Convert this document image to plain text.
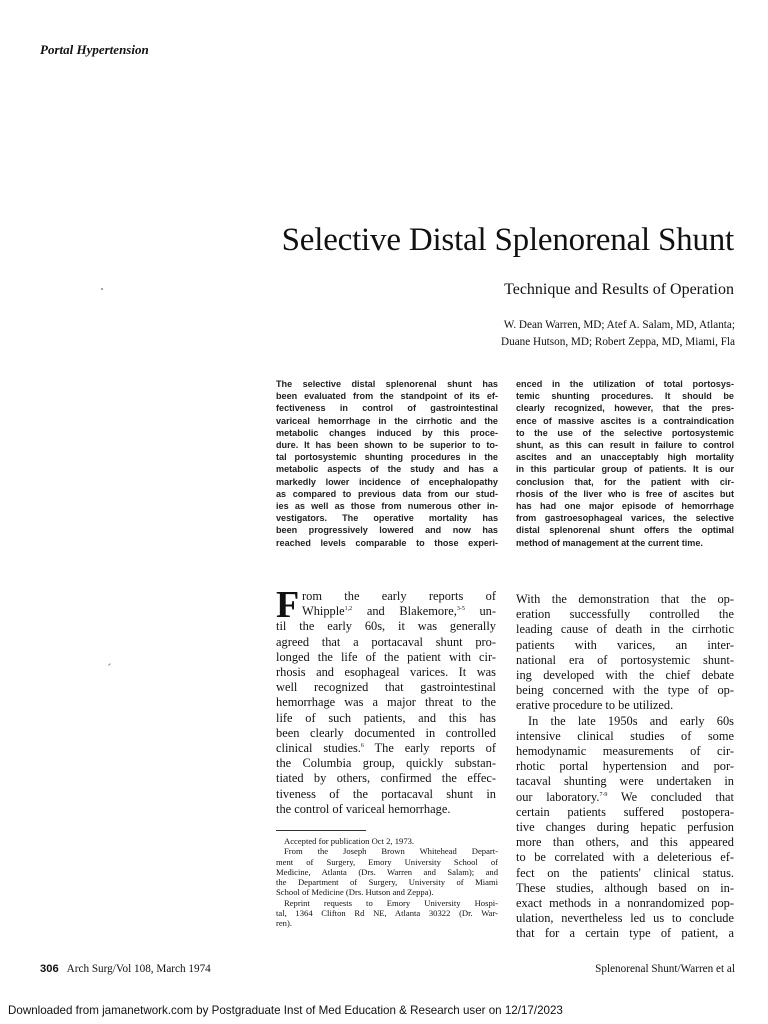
Portal Hypertension
Selective Distal Splenorenal Shunt
Technique and Results of Operation
W. Dean Warren, MD; Atef A. Salam, MD, Atlanta;
Duane Hutson, MD; Robert Zeppa, MD, Miami, Fla
The selective distal splenorenal shunt has
been evaluated from the standpoint of its ef-
fectiveness in control of gastrointestinal
variceal hemorrhage in the cirrhotic and the
metabolic changes induced by this proce-
dure. It has been shown to be superior to to-
tal portosystemic shunting procedures in the
metabolic aspects of the study and has a
markedly lower incidence of encephalopathy
as compared to previous data from our stud-
ies as well as those from numerous other in-
vestigators. The operative mortality has
been progressively lowered and now has
reached levels comparable to those experi-
enced in the utilization of total portosys-
temic shunting procedures. It should be
clearly recognized, however, that the pres-
ence of massive ascites is a contraindication
to the use of the selective portosystemic
shunt, as this can result in failure to control
ascites and an unacceptably high mortality
in this particular group of patients. It is our
conclusion that, for the patient with cir-
rhosis of the liver who is free of ascites but
has had one major episode of hemorrhage
from gastroesophageal varices, the selective
distal splenorenal shunt offers the optimal
method of management at the current time.
F rom the early reports of
Whipple$^{1,2}$ and Blakemore,$^{3-5}$ un-
til the early 60s, it was generally
agreed that a portacaval shunt pro-
longed the life of the patient with cir-
rhosis and esophageal varices. It was
well recognized that gastrointestinal
hemorrhage was a major threat to the
life of such patients, and this has
been clearly documented in controlled
clinical studies.$^6$ The early reports of
the Columbia group, quickly substan-
tiated by others, confirmed the effec-
tiveness of the portacaval shunt in
the control of variceal hemorrhage.
With the demonstration that the op-
eration successfully controlled the
leading cause of death in the cirrhotic
patients with varices, an inter-
national era of portosystemic shunt-
ing developed with the chief debate
being concerned with the type of op-
erative procedure to be utilized.
In the late 1950s and early 60s
intensive clinical studies of some
hemodynamic measurements of cir-
rhotic portal hypertension and por-
tacaval shunting were undertaken in
our laboratory.$^{7-9}$ We concluded that
certain patients suffered postopera-
tive changes during hepatic perfusion
more than others, and this appeared
to be correlated with a deleterious ef-
fect on the patients' clinical status.
These studies, although based on in-
exact methods in a nonrandomized pop-
ulation, nevertheless led us to conclude
that for a certain type of patient, a
Accepted for publication Oct 2, 1973.
From the Joseph Brown Whitehead Depart-
ment of Surgery, Emory University School of
Medicine, Atlanta (Drs. Warren and Salam); and
the Department of Surgery, University of Miami
School of Medicine (Drs. Hutson and Zeppa).
Reprint requests to Emory University Hospi-
tal, 1364 Clifton Rd NE, Atlanta 30322 (Dr. War-
ren).
306 Arch Surg/Vol 108, March 1974	Splenorenal Shunt/Warren et al
Downloaded from jamanetwork.com by Postgraduate Inst of Med Education & Research user on 12/17/2023
